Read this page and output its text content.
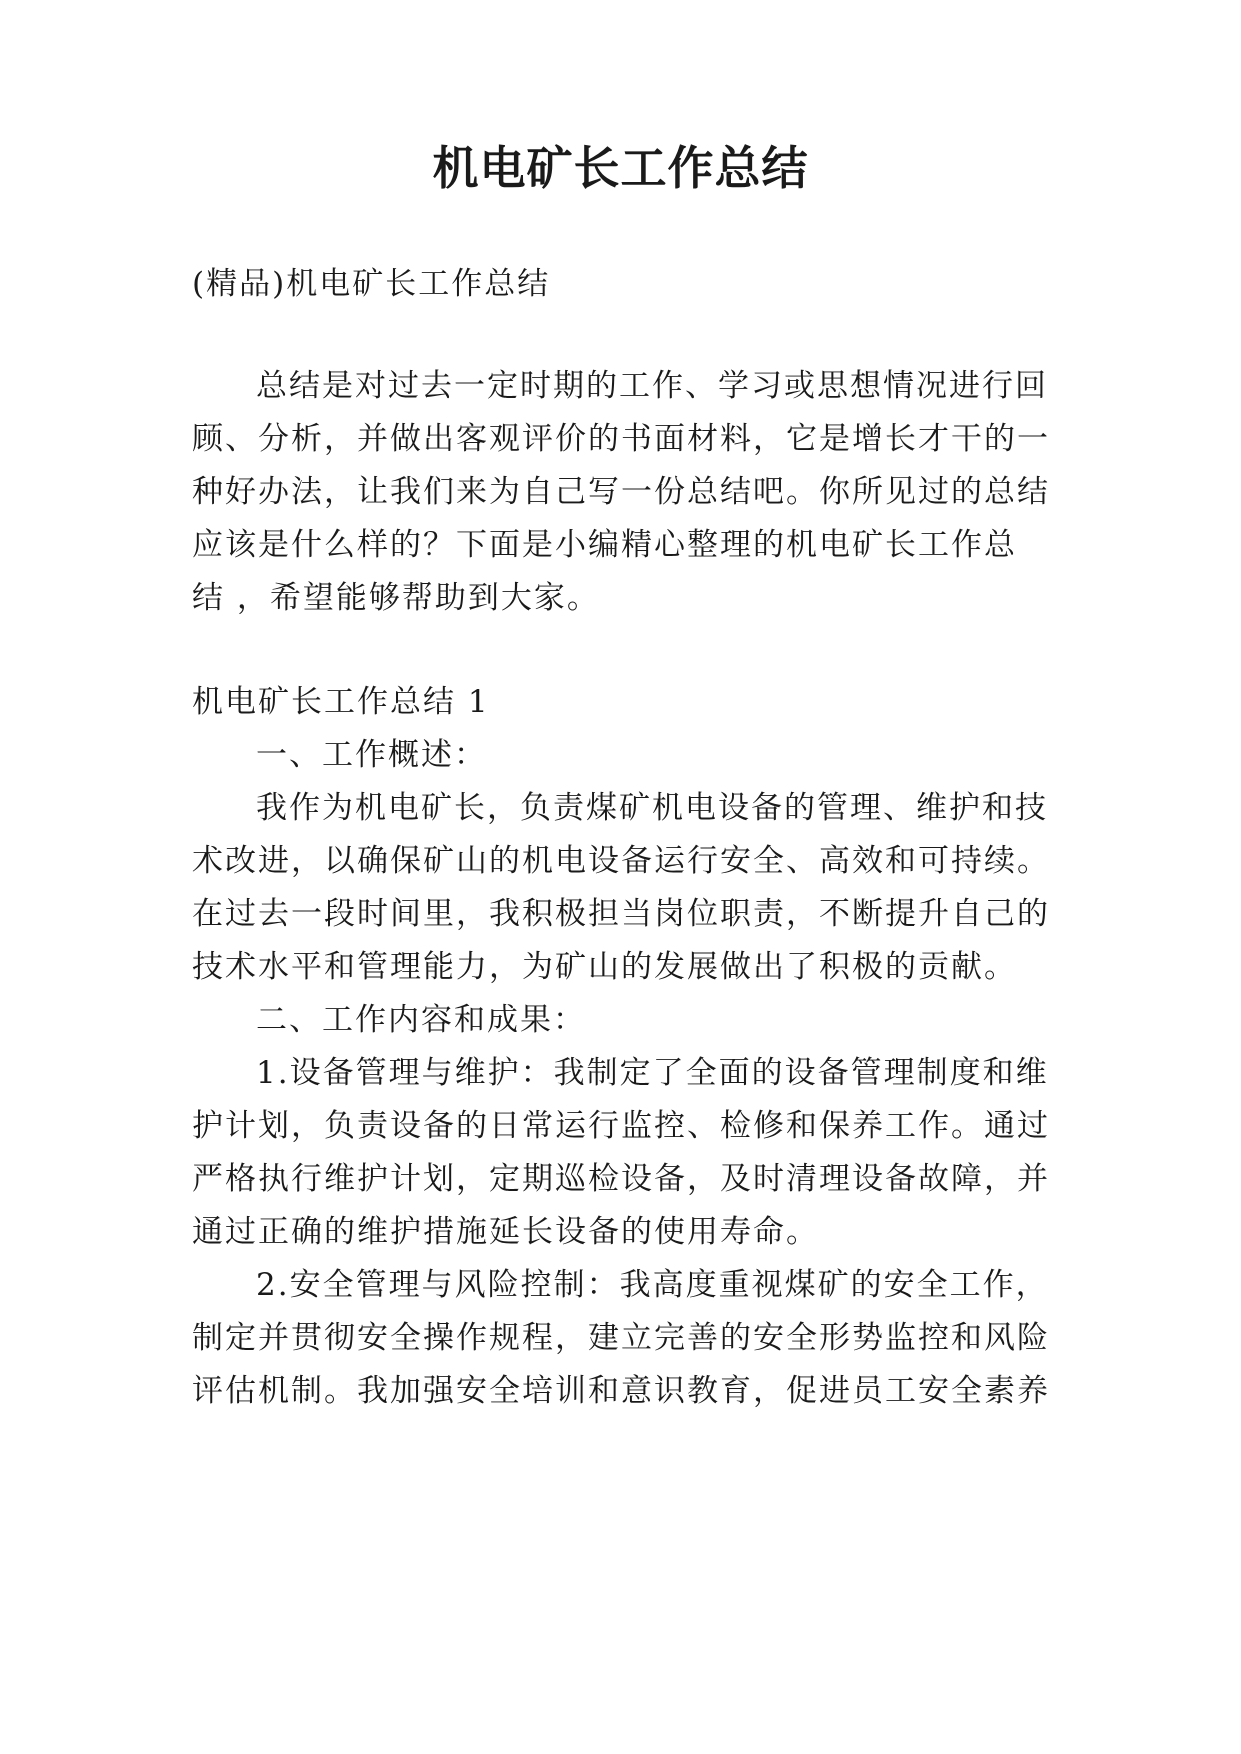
机电矿长工作总结
(精品)机电矿长工作总结
总结是对过去一定时期的工作、学习或思想情况进行回
顾、分析，并做出客观评价的书面材料，它是增长才干的一
种好办法，让我们来为自己写一份总结吧。你所见过的总结
应该是什么样的？下面是小编精心整理的机电矿长工作总
结 ，希望能够帮助到大家。
机电矿长工作总结 1
一、工作概述：
我作为机电矿长，负责煤矿机电设备的管理、维护和技
术改进，以确保矿山的机电设备运行安全、高效和可持续。
在过去一段时间里，我积极担当岗位职责，不断提升自己的
技术水平和管理能力，为矿山的发展做出了积极的贡献。
二、工作内容和成果：
1.设备管理与维护：我制定了全面的设备管理制度和维
护计划，负责设备的日常运行监控、检修和保养工作。通过
严格执行维护计划，定期巡检设备，及时清理设备故障，并
通过正确的维护措施延长设备的使用寿命。
2.安全管理与风险控制：我高度重视煤矿的安全工作，
制定并贯彻安全操作规程，建立完善的安全形势监控和风险
评估机制。我加强安全培训和意识教育，促进员工安全素养
